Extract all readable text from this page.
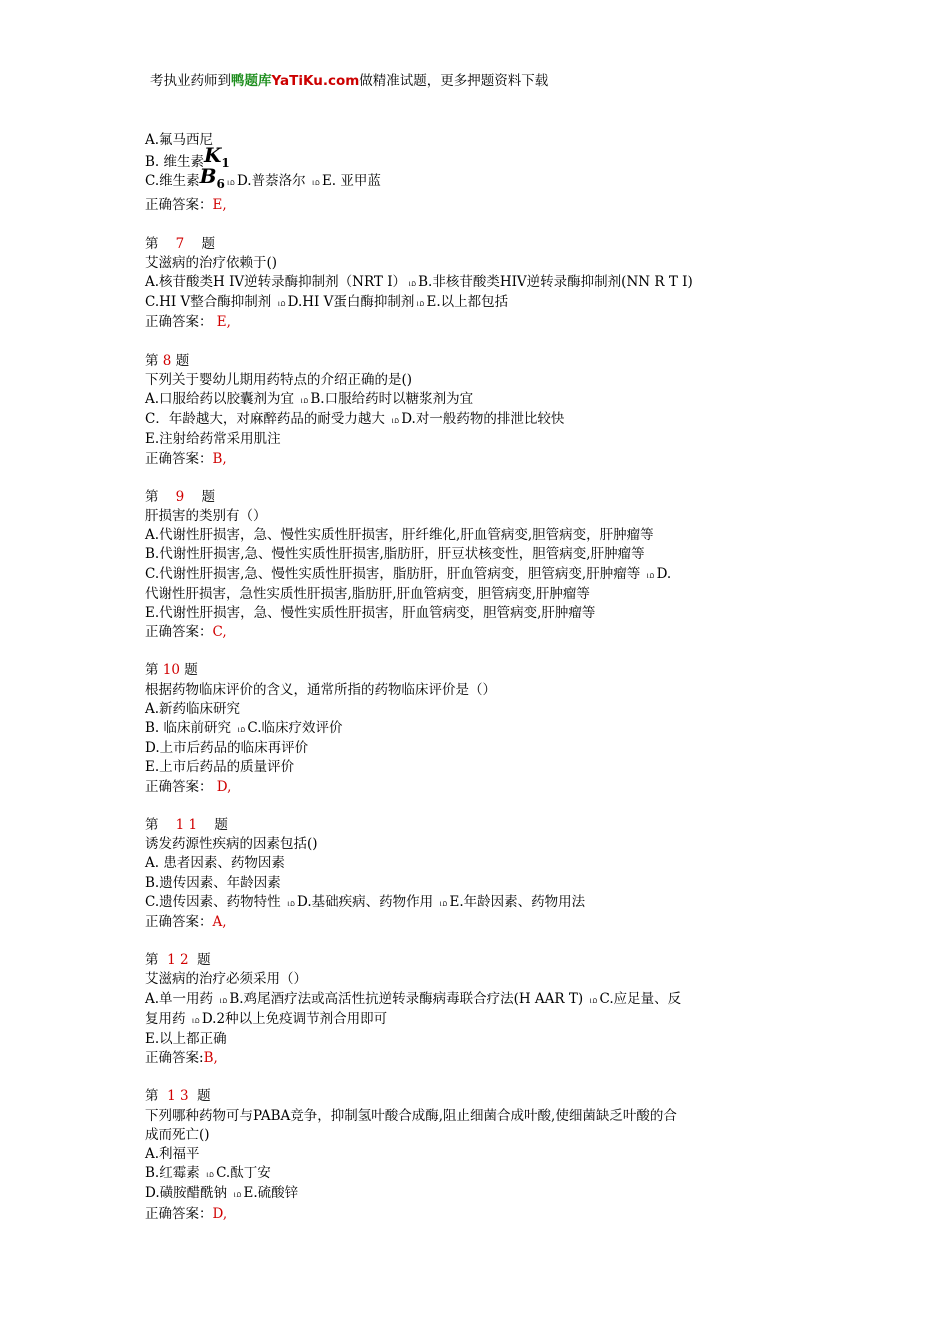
考执业药师到鸭题库YaTiKu.com做精准试题，更多押题资料下载
A.氟马西尼
B. 维生素$K_1$
C.维生素$B_6$ ம D.普萘洛尔 ம E. 亚甲蓝
正确答案：E,
第 7 题
艾滋病的治疗依赖于()
A.核苷酸类H IV逆转录酶抑制剂（NRT Ⅰ） ம B.非核苷酸类HIV逆转录酶抑制剂(NN R T Ⅰ)
C.HI V整合酶抑制剂 ம D.HI V蛋白酶抑制剂 ம E.以上都包括
正确答案： E,
第 8 题
下列关于婴幼儿期用药特点的介绍正确的是()
A.口服给药以胶囊剂为宜 ம B.口服给药时以糖浆剂为宜
C．年龄越大，对麻醉药品的耐受力越大 ம D.对一般药物的排泄比较快
E.注射给药常采用肌注
正确答案：B,
第 9 题
肝损害的类别有（）
A.代谢性肝损害，急、慢性实质性肝损害，肝纤维化,肝血管病变,胆管病变，肝肿瘤等
B.代谢性肝损害,急、慢性实质性肝损害,脂肪肝，肝豆状核变性，胆管病变,肝肿瘤等
C.代谢性肝损害,急、慢性实质性肝损害，脂肪肝，肝血管病变，胆管病变,肝肿瘤等 ம D.
代谢性肝损害，急性实质性肝损害,脂肪肝,肝血管病变，胆管病变,肝肿瘤等
E.代谢性肝损害，急、慢性实质性肝损害，肝血管病变，胆管病变,肝肿瘤等
正确答案：C,
第 10 题
根据药物临床评价的含义，通常所指的药物临床评价是（）
A.新药临床研究
B. 临床前研究 ம C.临床疗效评价
D.上市后药品的临床再评价
E.上市后药品的质量评价
正确答案： D,
第 1 1 题
诱发药源性疾病的因素包括()
A. 患者因素、药物因素
B.遗传因素、年龄因素
C.遗传因素、药物特性 ம D.基础疾病、药物作用 ம E.年龄因素、药物用法
正确答案：A,
第 1 2 题
艾滋病的治疗必须采用（）
A.单一用药 ம B.鸡尾酒疗法或高活性抗逆转录酶病毒联合疗法(H AAR T) ம C.应足量、反
复用药 ம D.2种以上免疫调节剂合用即可
E.以上都正确
正确答案:B,
第 1 3 题
下列哪种药物可与PABA竞争，抑制氢叶酸合成酶,阻止细菌合成叶酸,使细菌缺乏叶酸的合
成而死亡()
A.利福平
B.红霉素 ம C.酞丁安
D.磺胺醋酰钠 ம E.硫酸锌
正确答案：D,
